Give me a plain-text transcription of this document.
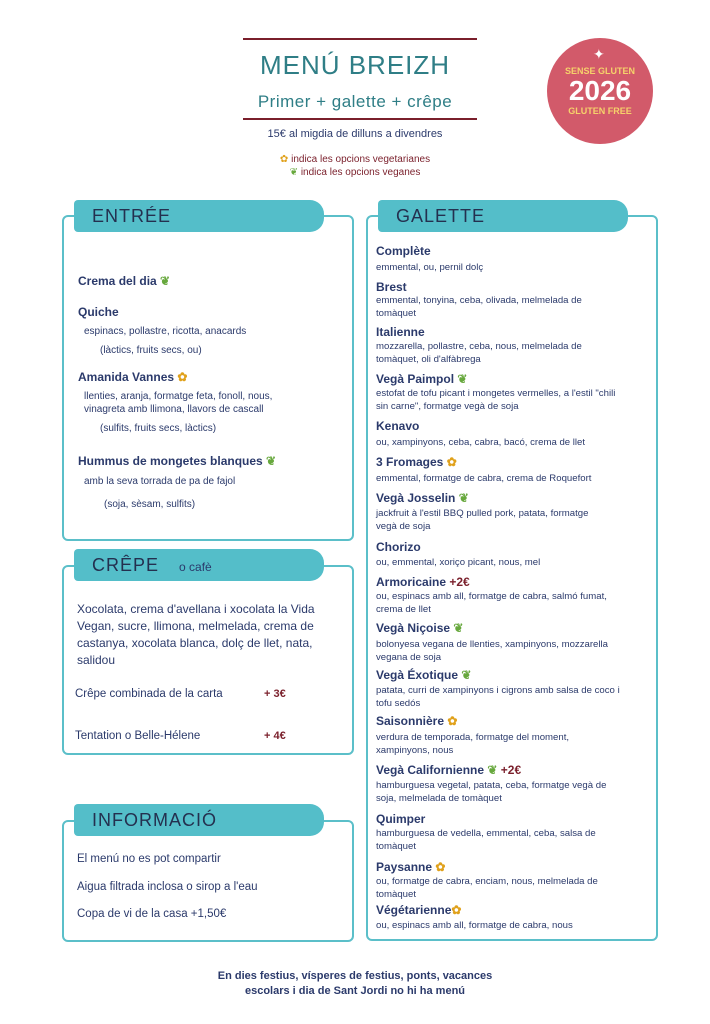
MENÚ BREIZH
Primer + galette + crêpe
15€ al migdia de dilluns a divendres
✿ indica les opcions vegetarianes
❦ indica les opcions veganes
✦
SENSE GLUTEN
2026
GLUTEN FREE
ENTRÉE
Crema del dia ❦
Quiche
espinacs, pollastre, ricotta, anacards
(làctics, fruits secs, ou)
Amanida Vannes ✿
llenties, aranja, formatge feta, fonoll, nous, vinagreta amb llimona, llavors de cascall
(sulfits, fruits secs, làctics)
Hummus de mongetes blanques ❦
amb la seva torrada de pa de fajol
(soja, sèsam, sulfits)
CRÊPE o cafè
Xocolata, crema d'avellana i xocolata la Vida Vegan, sucre, llimona, melmelada, crema de castanya, xocolata blanca, dolç de llet, nata, salidou
Crêpe combinada de la carta	+ 3€
Tentation o Belle-Hélene	+ 4€
INFORMACIÓ
El menú no es pot compartir
Aigua filtrada inclosa o sirop a l'eau
Copa de vi de la casa +1,50€
GALETTE
Complète
emmental, ou, pernil dolç
Brest
emmental, tonyina, ceba, olivada, melmelada de tomàquet
Italienne
mozzarella, pollastre, ceba, nous, melmelada de tomàquet, oli d'alfàbrega
Vegà Paimpol ❦
estofat de tofu picant i mongetes vermelles, a l'estil "chili sin carne", formatge vegà de soja
Kenavo
ou, xampinyons, ceba, cabra, bacó, crema de llet
3 Fromages ✿
emmental, formatge de cabra, crema de Roquefort
Vegà Josselin ❦
jackfruit à l'estil BBQ pulled pork, patata, formatge vegà de soja
Chorizo
ou, emmental, xoriço picant, nous, mel
Armoricaine +2€
ou, espinacs amb all, formatge de cabra, salmó fumat, crema de llet
Vegà Niçoise ❦
bolonyesa vegana de llenties, xampinyons, mozzarella vegana de soja
Vegà Éxotique ❦
patata, curri de xampinyons i cigrons amb salsa de coco i tofu sedós
Saisonnière ✿
verdura de temporada, formatge del moment, xampinyons, nous
Vegà Californienne ❦ +2€
hamburguesa vegetal, patata, ceba, formatge vegà de soja, melmelada de tomàquet
Quimper
hamburguesa de vedella, emmental, ceba, salsa de tomàquet
Paysanne ✿
ou, formatge de cabra, enciam, nous, melmelada de tomàquet
Végétarienne✿
ou, espinacs amb all, formatge de cabra, nous
En dies festius, vísperes de festius, ponts, vacances
escolars i dia de Sant Jordi no hi ha menú
